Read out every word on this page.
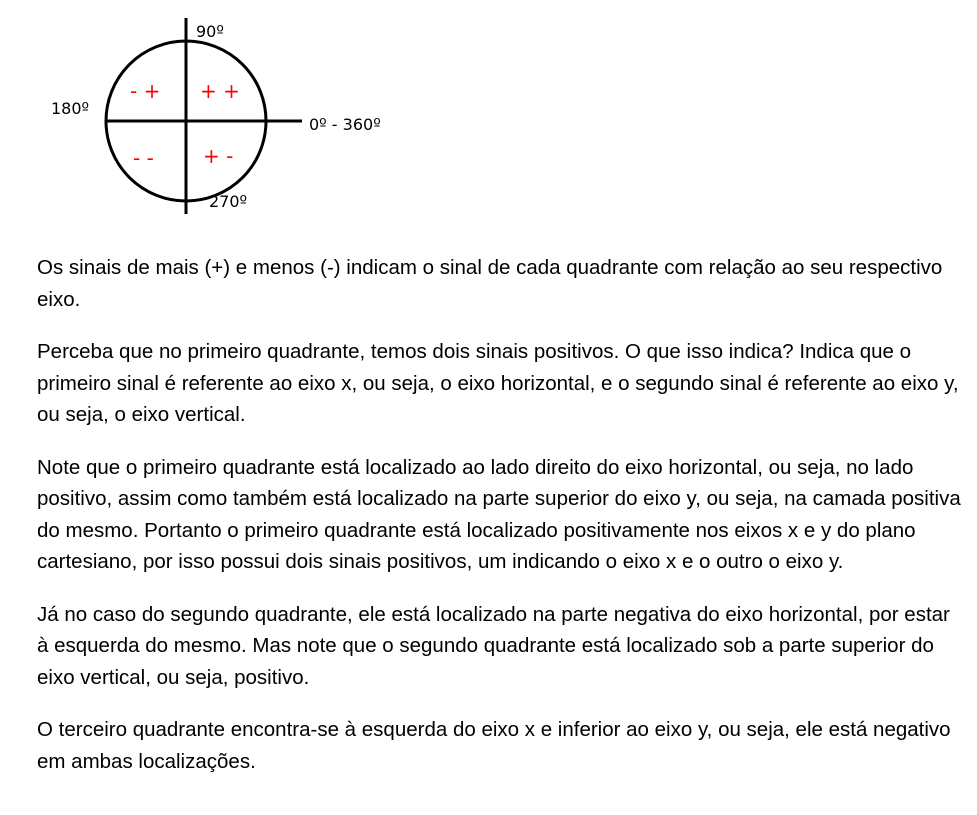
90º
180º
0º - 360º
270º
+ +
- +
- - + -

Os sinais de mais (+) e menos (-) indicam o sinal de cada quadrante com relação ao seu respectivo eixo.

Perceba que no primeiro quadrante, temos dois sinais positivos. O que isso indica? Indica que o primeiro sinal é referente ao eixo x, ou seja, o eixo horizontal, e o segundo sinal é referente ao eixo y, ou seja, o eixo vertical.

Note que o primeiro quadrante está localizado ao lado direito do eixo horizontal, ou seja, no lado positivo, assim como também está localizado na parte superior do eixo y, ou seja, na camada positiva do mesmo. Portanto o primeiro quadrante está localizado positivamente nos eixos x e y do plano cartesiano, por isso possui dois sinais positivos, um indicando o eixo x e o outro o eixo y.

Já no caso do segundo quadrante, ele está localizado na parte negativa do eixo horizontal, por estar à esquerda do mesmo. Mas note que o segundo quadrante está localizado sob a parte superior do eixo vertical, ou seja, positivo.

O terceiro quadrante encontra-se à esquerda do eixo x e inferior ao eixo y, ou seja, ele está negativo em ambas localizações.
